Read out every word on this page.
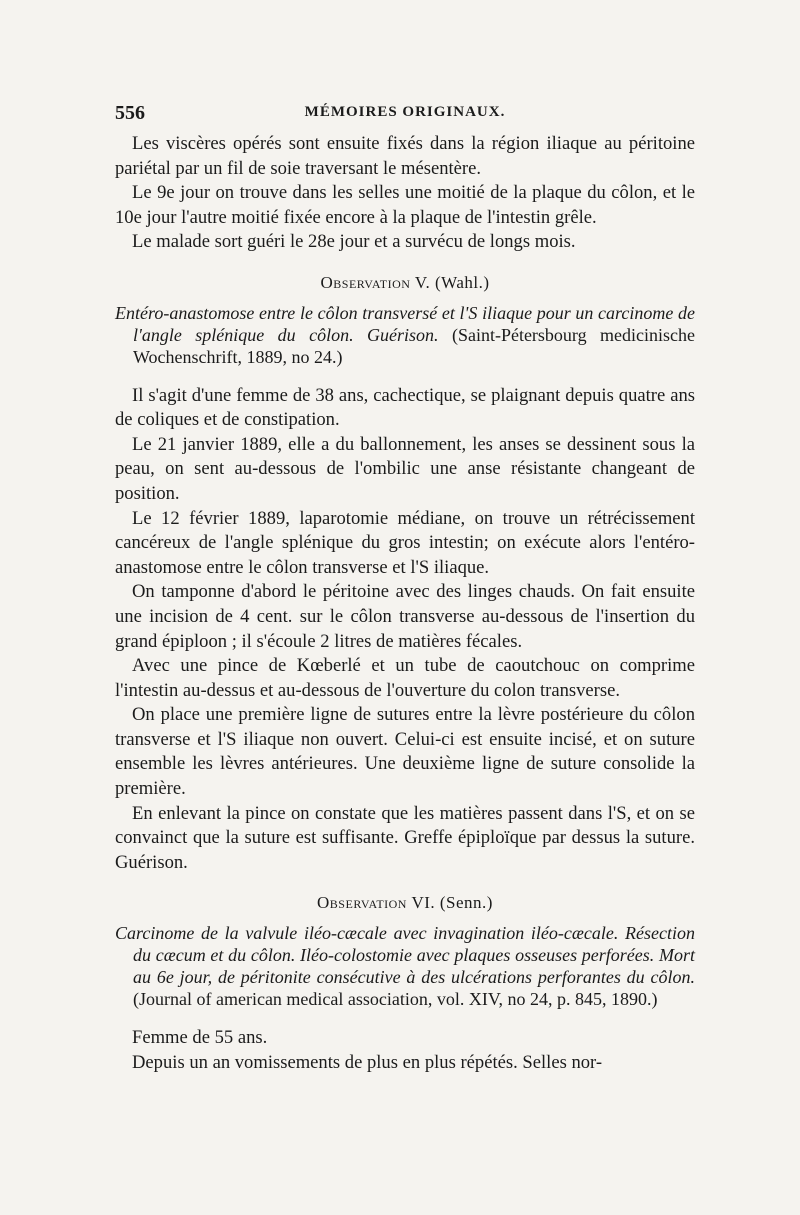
556	MÉMOIRES ORIGINAUX.

Les viscères opérés sont ensuite fixés dans la région iliaque au péritoine pariétal par un fil de soie traversant le mésentère.

Le 9e jour on trouve dans les selles une moitié de la plaque du côlon, et le 10e jour l'autre moitié fixée encore à la plaque de l'intestin grêle.

Le malade sort guéri le 28e jour et a survécu de longs mois.

Observation V. (Wahl.)

Entéro-anastomose entre le côlon transversé et l'S iliaque pour un carcinome de l'angle splénique du côlon. Guérison. (Saint-Pétersbourg medicinische Wochenschrift, 1889, no 24.)

Il s'agit d'une femme de 38 ans, cachectique, se plaignant depuis quatre ans de coliques et de constipation.

Le 21 janvier 1889, elle a du ballonnement, les anses se dessinent sous la peau, on sent au-dessous de l'ombilic une anse résistante changeant de position.

Le 12 février 1889, laparotomie médiane, on trouve un rétrécissement cancéreux de l'angle splénique du gros intestin; on exécute alors l'entéro-anastomose entre le côlon transverse et l'S iliaque.

On tamponne d'abord le péritoine avec des linges chauds. On fait ensuite une incision de 4 cent. sur le côlon transverse au-dessous de l'insertion du grand épiploon ; il s'écoule 2 litres de matières fécales.

Avec une pince de Kœberlé et un tube de caoutchouc on comprime l'intestin au-dessus et au-dessous de l'ouverture du colon transverse.

On place une première ligne de sutures entre la lèvre postérieure du côlon transverse et l'S iliaque non ouvert. Celui-ci est ensuite incisé, et on suture ensemble les lèvres antérieures. Une deuxième ligne de suture consolide la première.

En enlevant la pince on constate que les matières passent dans l'S, et on se convainct que la suture est suffisante. Greffe épiploïque par dessus la suture. Guérison.

Observation VI. (Senn.)

Carcinome de la valvule iléo-cæcale avec invagination iléo-cæcale. Résection du cæcum et du côlon. Iléo-colostomie avec plaques osseuses perforées. Mort au 6e jour, de péritonite consécutive à des ulcérations perforantes du côlon. (Journal of american medical association, vol. XIV, no 24, p. 845, 1890.)

Femme de 55 ans.

Depuis un an vomissements de plus en plus répétés. Selles nor-
